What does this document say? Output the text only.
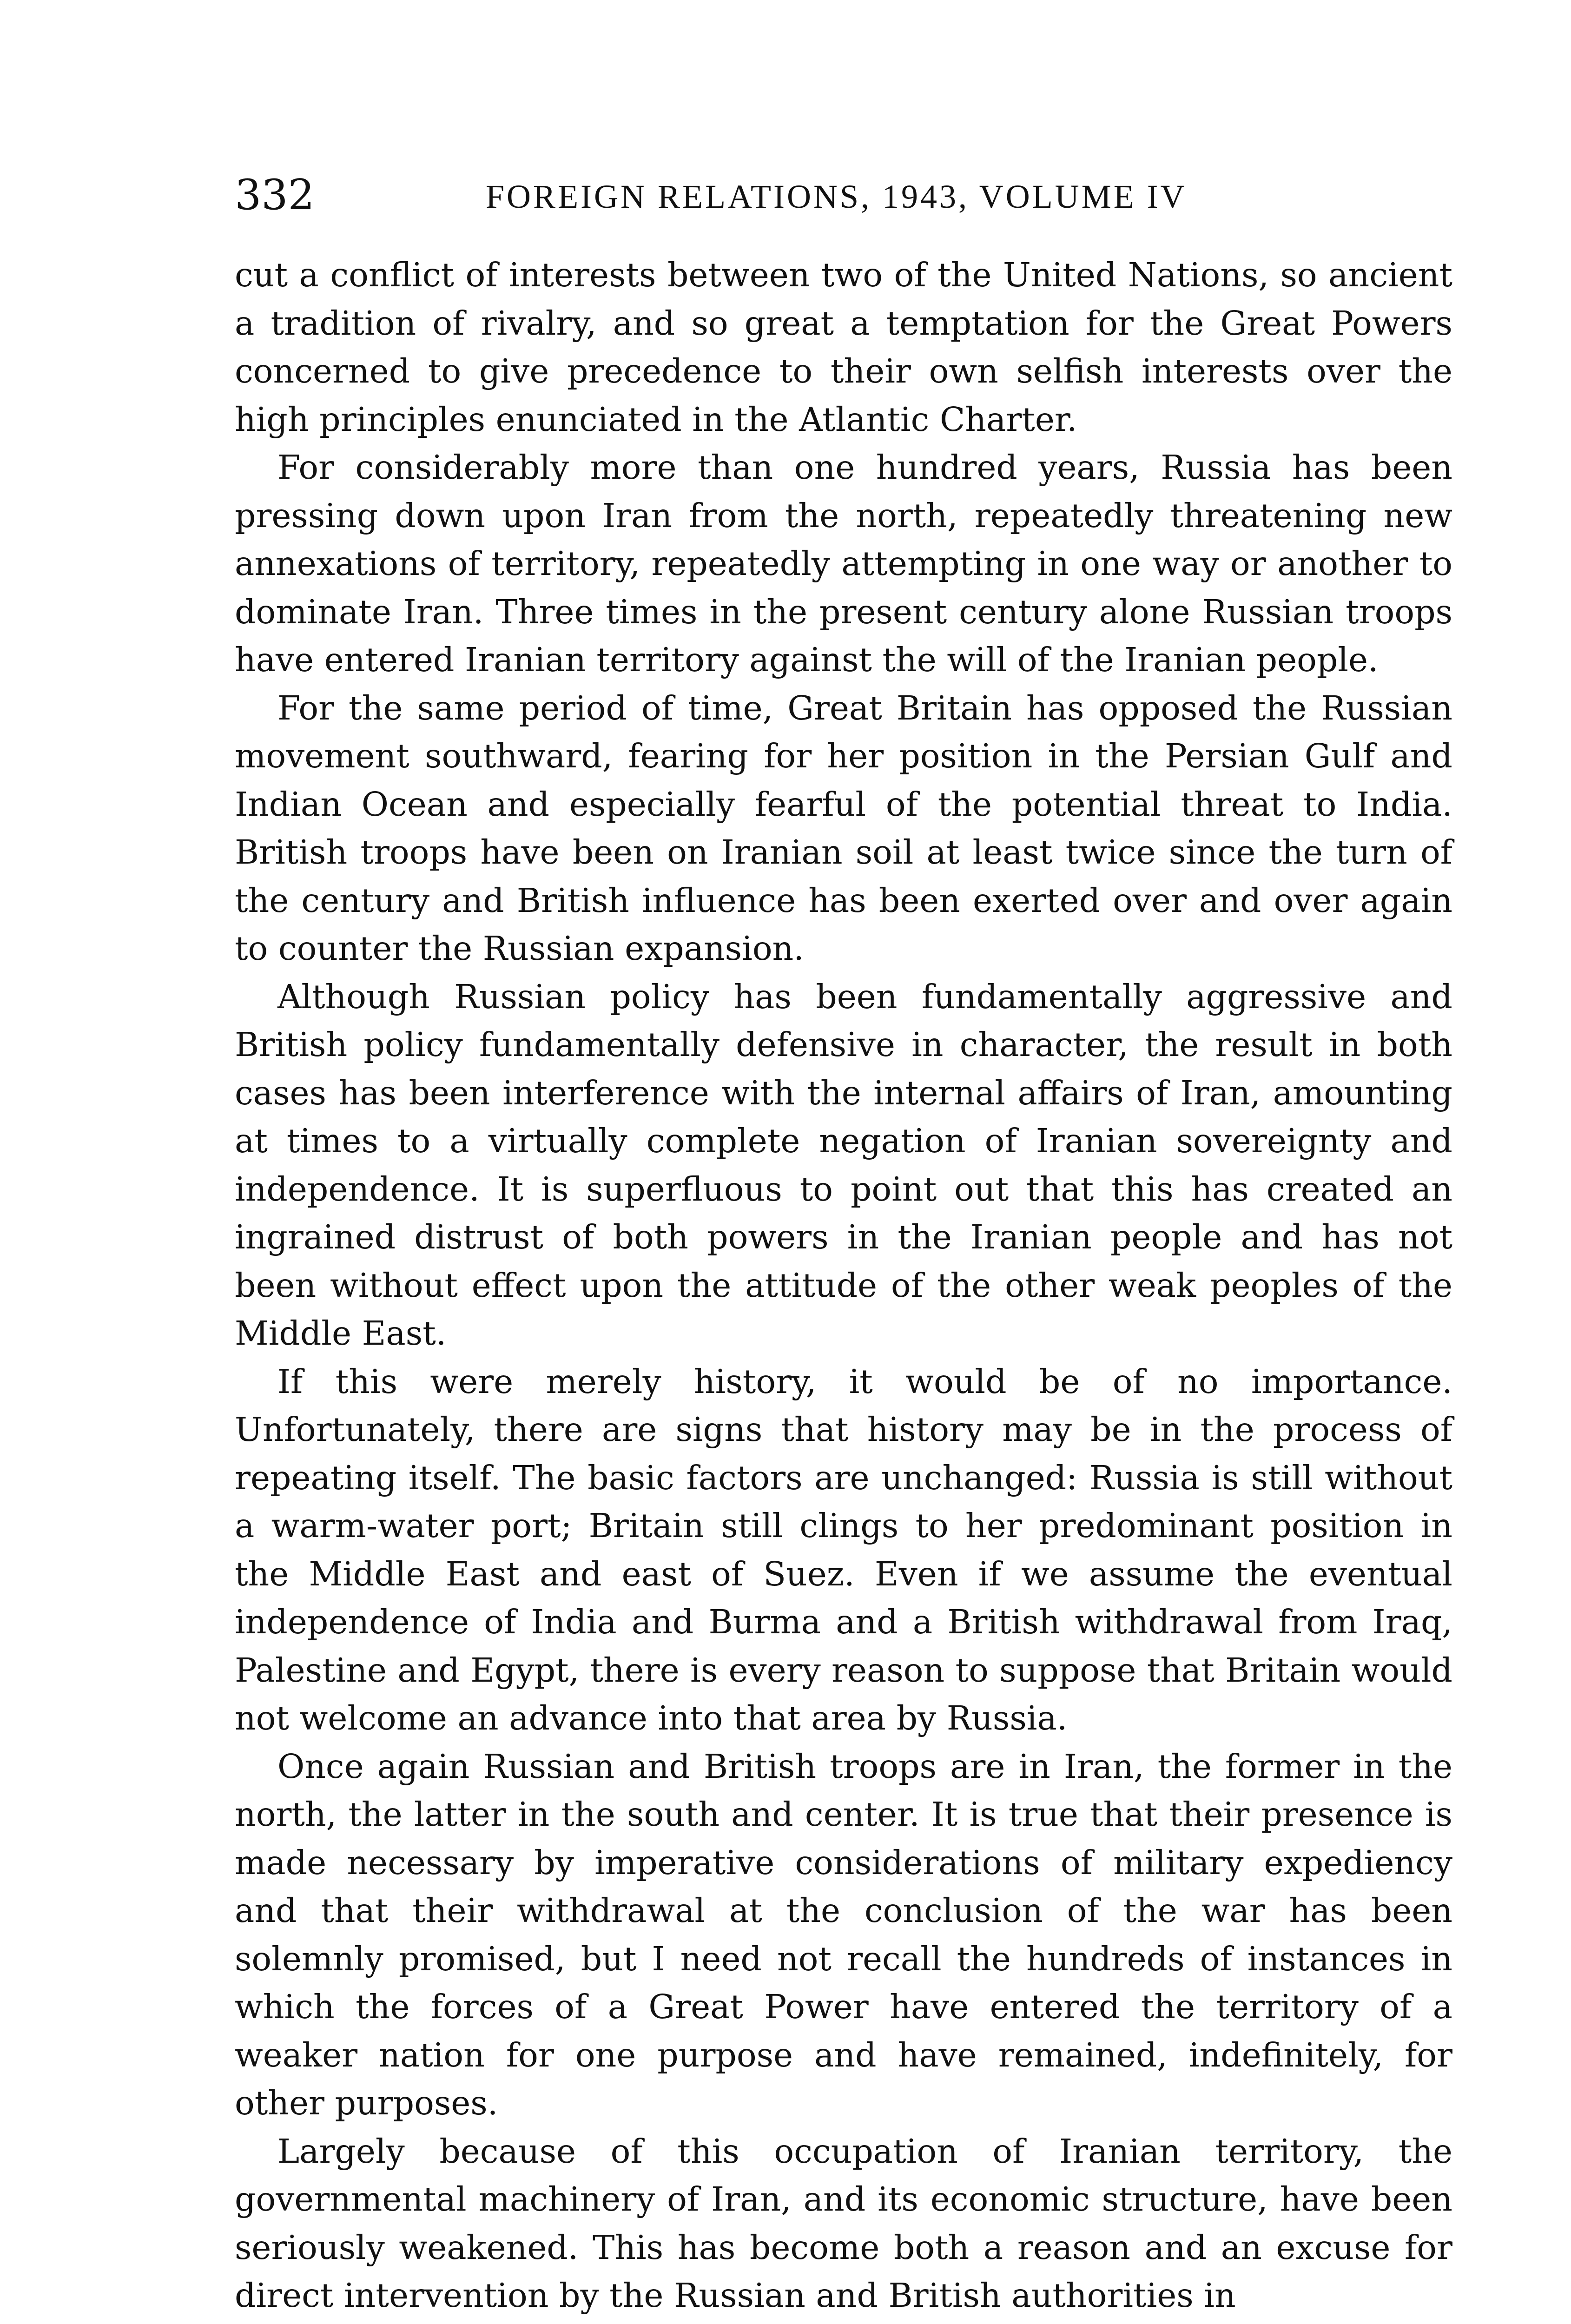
332	FOREIGN RELATIONS, 1943, VOLUME IV

cut a conflict of interests between two of the United Nations, so ancient a tradition of rivalry, and so great a temptation for the Great Powers concerned to give precedence to their own selfish interests over the high principles enunciated in the Atlantic Charter.

For considerably more than one hundred years, Russia has been pressing down upon Iran from the north, repeatedly threatening new annexations of territory, repeatedly attempting in one way or another to dominate Iran. Three times in the present century alone Russian troops have entered Iranian territory against the will of the Iranian people.

For the same period of time, Great Britain has opposed the Russian movement southward, fearing for her position in the Persian Gulf and Indian Ocean and especially fearful of the potential threat to India. British troops have been on Iranian soil at least twice since the turn of the century and British influence has been exerted over and over again to counter the Russian expansion.

Although Russian policy has been fundamentally aggressive and British policy fundamentally defensive in character, the result in both cases has been interference with the internal affairs of Iran, amounting at times to a virtually complete negation of Iranian sovereignty and independence. It is superfluous to point out that this has created an ingrained distrust of both powers in the Iranian people and has not been without effect upon the attitude of the other weak peoples of the Middle East.

If this were merely history, it would be of no importance. Unfortunately, there are signs that history may be in the process of repeating itself. The basic factors are unchanged: Russia is still without a warm-water port; Britain still clings to her predominant position in the Middle East and east of Suez. Even if we assume the eventual independence of India and Burma and a British withdrawal from Iraq, Palestine and Egypt, there is every reason to suppose that Britain would not welcome an advance into that area by Russia.

Once again Russian and British troops are in Iran, the former in the north, the latter in the south and center. It is true that their presence is made necessary by imperative considerations of military expediency and that their withdrawal at the conclusion of the war has been solemnly promised, but I need not recall the hundreds of instances in which the forces of a Great Power have entered the territory of a weaker nation for one purpose and have remained, indefinitely, for other purposes.

Largely because of this occupation of Iranian territory, the governmental machinery of Iran, and its economic structure, have been seriously weakened. This has become both a reason and an excuse for direct intervention by the Russian and British authorities in
